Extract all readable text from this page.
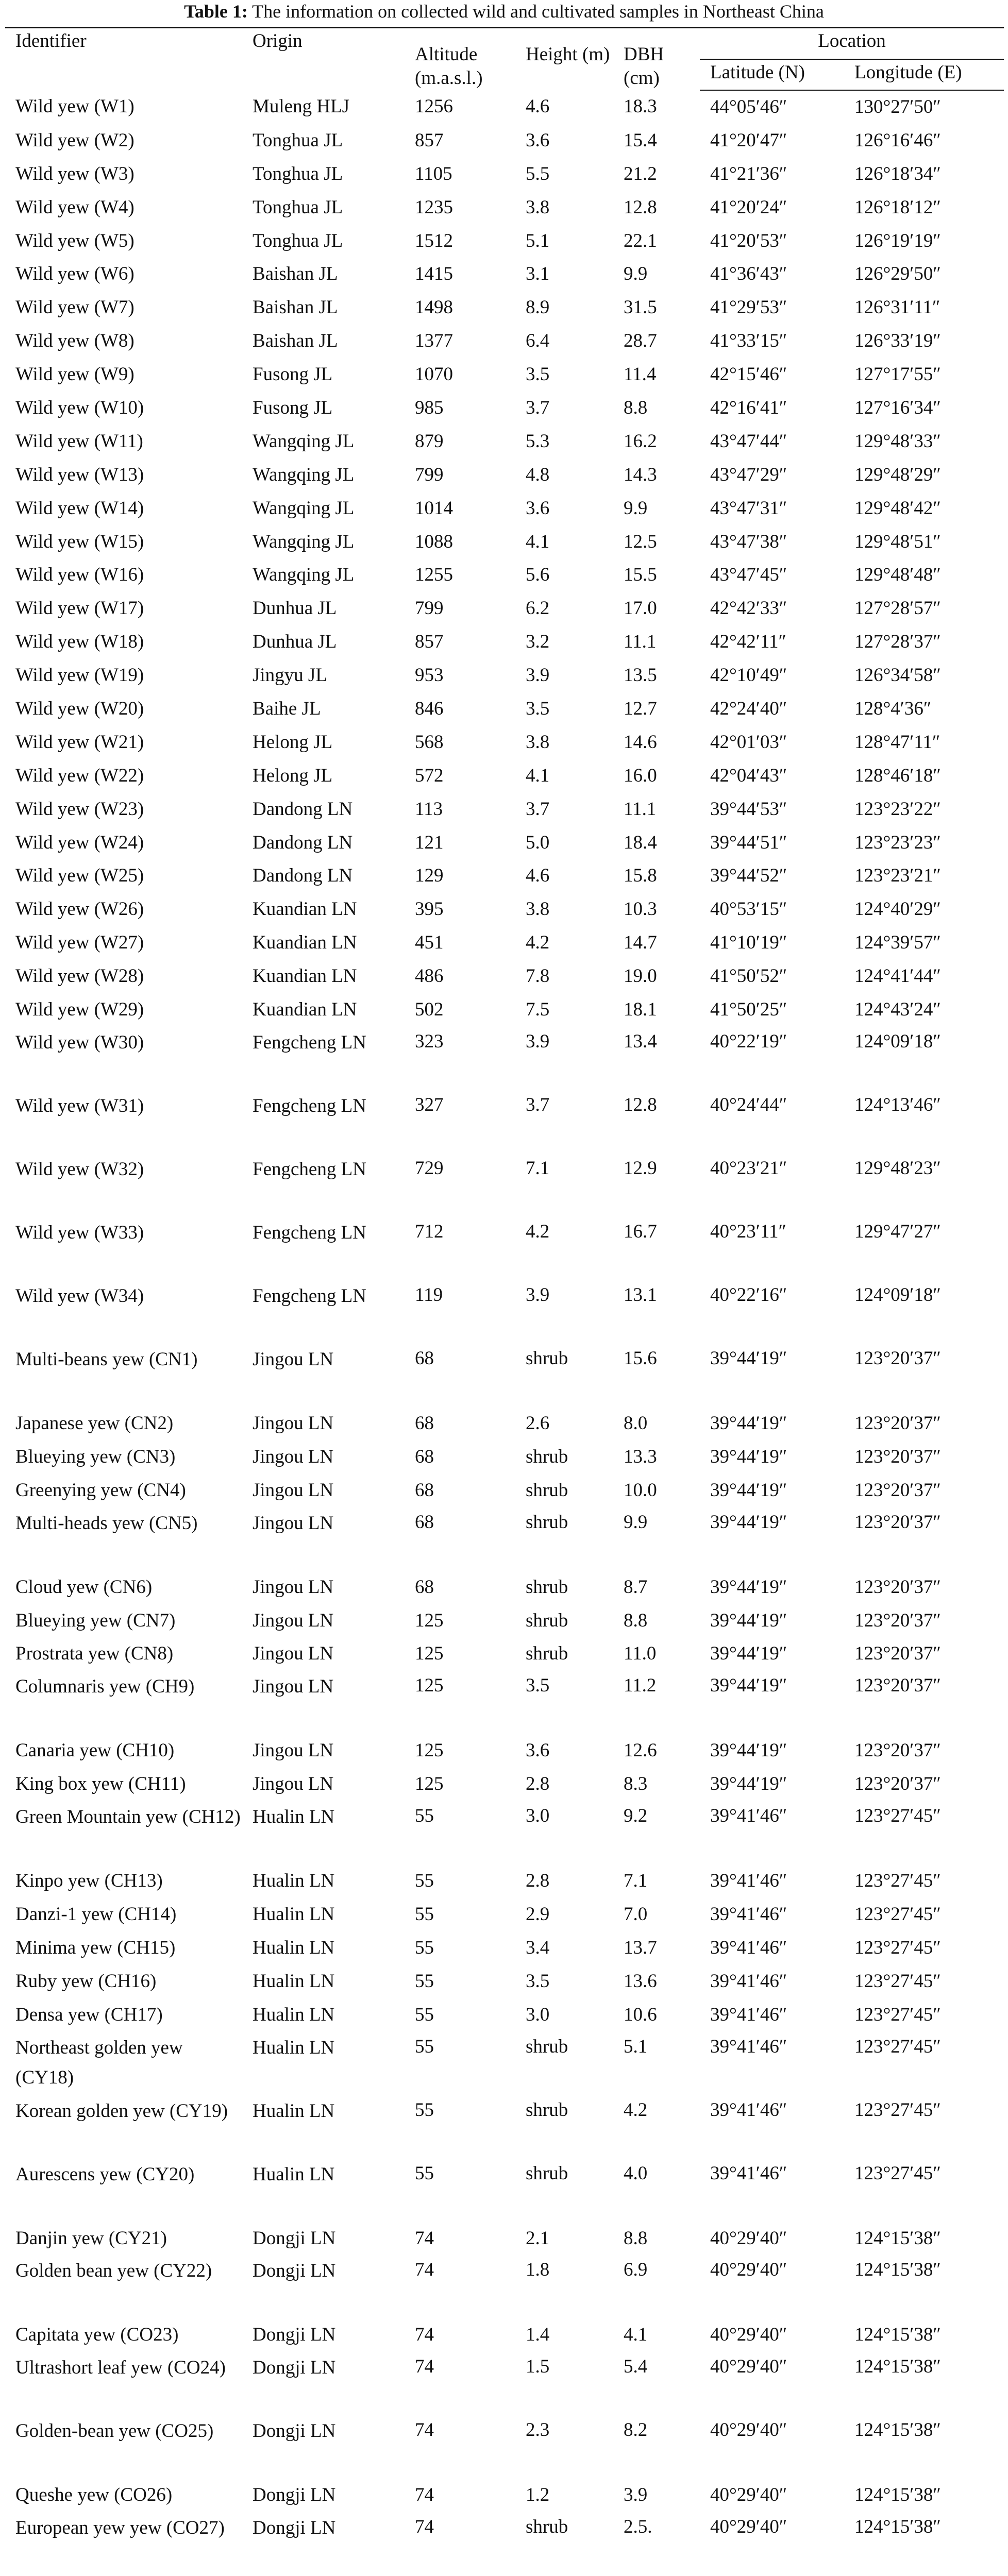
Table 1: The information on collected wild and cultivated samples in Northeast China
Identifier	Origin	Altitude (m.a.s.l.)	Height (m)	DBH (cm)	Location	
					Latitude (N)	Longitude (E)
Wild yew (W1)	Muleng HLJ	1256	4.6	18.3	44°05′46″	130°27′50″
Wild yew (W2)	Tonghua JL	857	3.6	15.4	41°20′47″	126°16′46″
Wild yew (W3)	Tonghua JL	1105	5.5	21.2	41°21′36″	126°18′34″
Wild yew (W4)	Tonghua JL	1235	3.8	12.8	41°20′24″	126°18′12″
Wild yew (W5)	Tonghua JL	1512	5.1	22.1	41°20′53″	126°19′19″
Wild yew (W6)	Baishan JL	1415	3.1	9.9	41°36′43″	126°29′50″
Wild yew (W7)	Baishan JL	1498	8.9	31.5	41°29′53″	126°31′11″
Wild yew (W8)	Baishan JL	1377	6.4	28.7	41°33′15″	126°33′19″
Wild yew (W9)	Fusong JL	1070	3.5	11.4	42°15′46″	127°17′55″
Wild yew (W10)	Fusong JL	985	3.7	8.8	42°16′41″	127°16′34″
Wild yew (W11)	Wangqing JL	879	5.3	16.2	43°47′44″	129°48′33″
Wild yew (W13)	Wangqing JL	799	4.8	14.3	43°47′29″	129°48′29″
Wild yew (W14)	Wangqing JL	1014	3.6	9.9	43°47′31″	129°48′42″
Wild yew (W15)	Wangqing JL	1088	4.1	12.5	43°47′38″	129°48′51″
Wild yew (W16)	Wangqing JL	1255	5.6	15.5	43°47′45″	129°48′48″
Wild yew (W17)	Dunhua JL	799	6.2	17.0	42°42′33″	127°28′57″
Wild yew (W18)	Dunhua JL	857	3.2	11.1	42°42′11″	127°28′37″
Wild yew (W19)	Jingyu JL	953	3.9	13.5	42°10′49″	126°34′58″
Wild yew (W20)	Baihe JL	846	3.5	12.7	42°24′40″	128°4′36″
Wild yew (W21)	Helong JL	568	3.8	14.6	42°01′03″	128°47′11″
Wild yew (W22)	Helong JL	572	4.1	16.0	42°04′43″	128°46′18″
Wild yew (W23)	Dandong LN	113	3.7	11.1	39°44′53″	123°23′22″
Wild yew (W24)	Dandong LN	121	5.0	18.4	39°44′51″	123°23′23″
Wild yew (W25)	Dandong LN	129	4.6	15.8	39°44′52″	123°23′21″
Wild yew (W26)	Kuandian LN	395	3.8	10.3	40°53′15″	124°40′29″
Wild yew (W27)	Kuandian LN	451	4.2	14.7	41°10′19″	124°39′57″
Wild yew (W28)	Kuandian LN	486	7.8	19.0	41°50′52″	124°41′44″
Wild yew (W29)	Kuandian LN	502	7.5	18.1	41°50′25″	124°43′24″
Wild yew (W30)	Fengcheng LN	323	3.9	13.4	40°22′19″	124°09′18″
Wild yew (W31)	Fengcheng LN	327	3.7	12.8	40°24′44″	124°13′46″
Wild yew (W32)	Fengcheng LN	729	7.1	12.9	40°23′21″	129°48′23″
Wild yew (W33)	Fengcheng LN	712	4.2	16.7	40°23′11″	129°47′27″
Wild yew (W34)	Fengcheng LN	119	3.9	13.1	40°22′16″	124°09′18″
Multi-beans yew (CN1)	Jingou LN	68	shrub	15.6	39°44′19″	123°20′37″
Japanese yew (CN2)	Jingou LN	68	2.6	8.0	39°44′19″	123°20′37″
Blueying yew (CN3)	Jingou LN	68	shrub	13.3	39°44′19″	123°20′37″
Greenying yew (CN4)	Jingou LN	68	shrub	10.0	39°44′19″	123°20′37″
Multi-heads yew (CN5)	Jingou LN	68	shrub	9.9	39°44′19″	123°20′37″
Cloud yew (CN6)	Jingou LN	68	shrub	8.7	39°44′19″	123°20′37″
Blueying yew (CN7)	Jingou LN	125	shrub	8.8	39°44′19″	123°20′37″
Prostrata yew (CN8)	Jingou LN	125	shrub	11.0	39°44′19″	123°20′37″
Columnaris yew (CH9)	Jingou LN	125	3.5	11.2	39°44′19″	123°20′37″
Canaria yew (CH10)	Jingou LN	125	3.6	12.6	39°44′19″	123°20′37″
King box yew (CH11)	Jingou LN	125	2.8	8.3	39°44′19″	123°20′37″
Green Mountain yew (CH12)	Hualin LN	55	3.0	9.2	39°41′46″	123°27′45″
Kinpo yew (CH13)	Hualin LN	55	2.8	7.1	39°41′46″	123°27′45″
Danzi-1 yew (CH14)	Hualin LN	55	2.9	7.0	39°41′46″	123°27′45″
Minima yew (CH15)	Hualin LN	55	3.4	13.7	39°41′46″	123°27′45″
Ruby yew (CH16)	Hualin LN	55	3.5	13.6	39°41′46″	123°27′45″
Densa yew (CH17)	Hualin LN	55	3.0	10.6	39°41′46″	123°27′45″
Northeast golden yew (CY18)	Hualin LN	55	shrub	5.1	39°41′46″	123°27′45″
Korean golden yew (CY19)	Hualin LN	55	shrub	4.2	39°41′46″	123°27′45″
Aurescens yew (CY20)	Hualin LN	55	shrub	4.0	39°41′46″	123°27′45″
Danjin yew (CY21)	Dongji LN	74	2.1	8.8	40°29′40″	124°15′38″
Golden bean yew (CY22)	Dongji LN	74	1.8	6.9	40°29′40″	124°15′38″
Capitata yew (CO23)	Dongji LN	74	1.4	4.1	40°29′40″	124°15′38″
Ultrashort leaf yew (CO24)	Dongji LN	74	1.5	5.4	40°29′40″	124°15′38″
Golden-bean yew (CO25)	Dongji LN	74	2.3	8.2	40°29′40″	124°15′38″
Queshe yew (CO26)	Dongji LN	74	1.2	3.9	40°29′40″	124°15′38″
European yew yew (CO27)	Dongji LN	74	shrub	2.5.	40°29′40″	124°15′38″
